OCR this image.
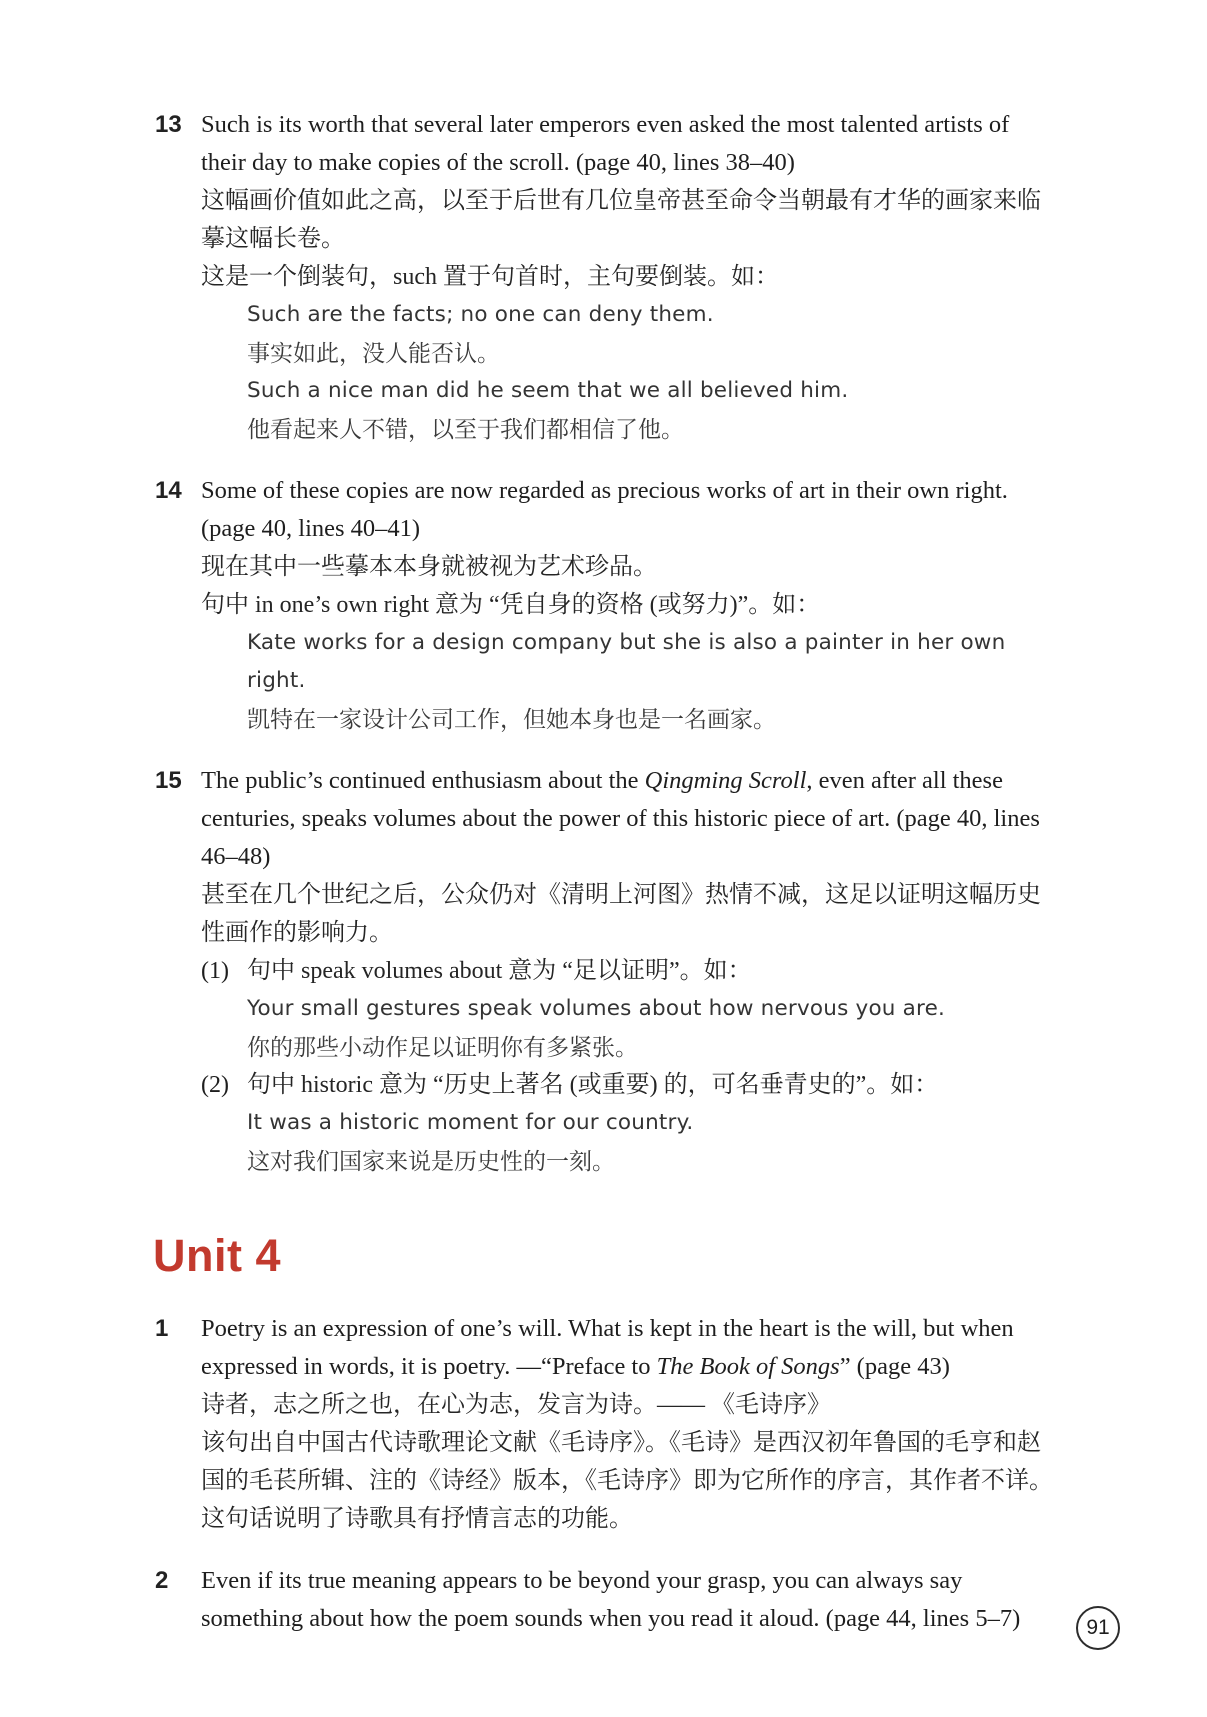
13 Such is its worth that several later emperors even asked the most talented artists of their day to make copies of the scroll. (page 40, lines 38–40)

这幅画价值如此之高，以至于后世有几位皇帝甚至命令当朝最有才华的画家来临摹这幅长卷。

这是一个倒装句，such 置于句首时，主句要倒装。如：

Such are the facts; no one can deny them.

事实如此，没人能否认。

Such a nice man did he seem that we all believed him.

他看起来人不错，以至于我们都相信了他。

14 Some of these copies are now regarded as precious works of art in their own right. (page 40, lines 40–41)

现在其中一些摹本本身就被视为艺术珍品。

句中 in one’s own right 意为 “凭自身的资格 (或努力)”。如：

Kate works for a design company but she is also a painter in her own right.

凯特在一家设计公司工作，但她本身也是一名画家。

15 The public’s continued enthusiasm about the Qingming Scroll, even after all these centuries, speaks volumes about the power of this historic piece of art. (page 40, lines 46–48)

甚至在几个世纪之后，公众仍对《清明上河图》热情不减，这足以证明这幅历史性画作的影响力。

(1) 句中 speak volumes about 意为 “足以证明”。如：

Your small gestures speak volumes about how nervous you are.

你的那些小动作足以证明你有多紧张。

(2) 句中 historic 意为 “历史上著名 (或重要) 的，可名垂青史的”。如：

It was a historic moment for our country.

这对我们国家来说是历史性的一刻。

Unit 4
1	Poetry is an expression of one’s will. What is kept in the heart is the will, but when expressed in words, it is poetry. —“Preface to The Book of Songs” (page 43)

诗者，志之所之也，在心为志，发言为诗。—— 《毛诗序》

该句出自中国古代诗歌理论文献《毛诗序》。《毛诗》是西汉初年鲁国的毛亨和赵国的毛苌所辑、注的《诗经》版本，《毛诗序》即为它所作的序言，其作者不详。这句话说明了诗歌具有抒情言志的功能。

2	Even if its true meaning appears to be beyond your grasp, you can always say something about how the poem sounds when you read it aloud. (page 44, lines 5–7)	91
